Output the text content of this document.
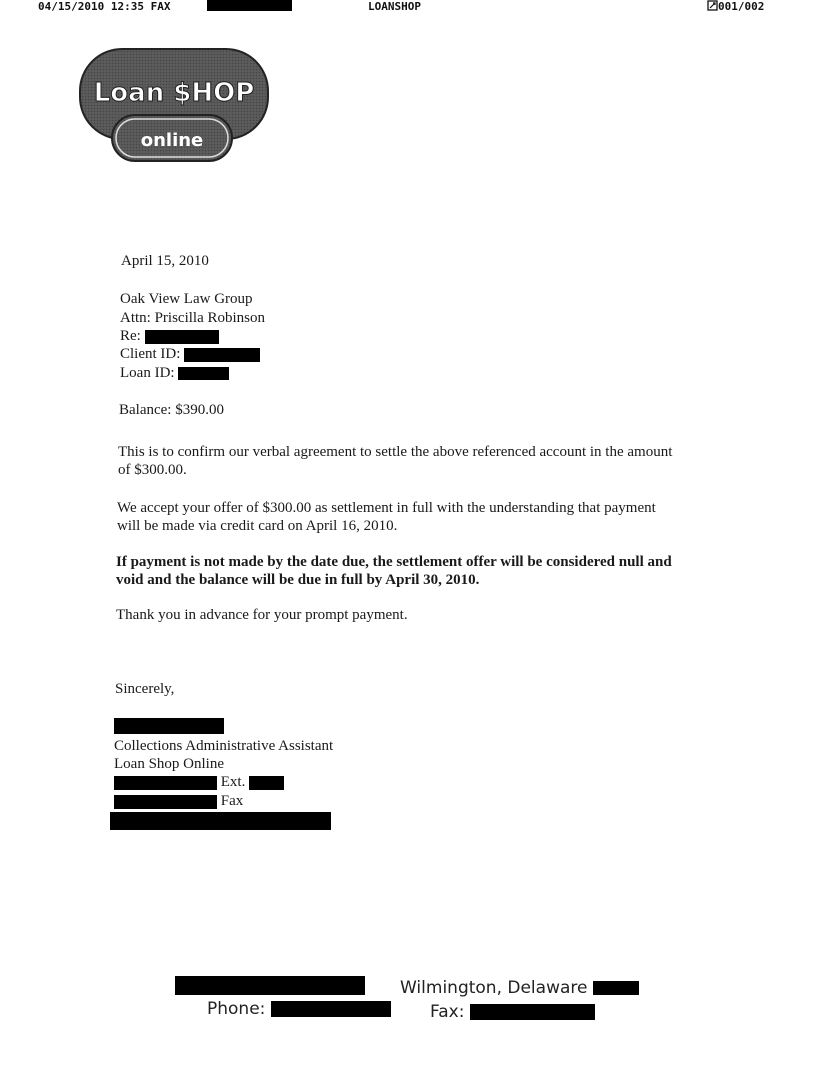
04/15/2010 12:35 FAX	LOANSHOP	001/002
Loan $HOP
online
April 15, 2010
Oak View Law Group
Attn: Priscilla Robinson
Re:
Client ID:
Loan ID:
Balance: $390.00
This is to confirm our verbal agreement to settle the above referenced account in the amount of $300.00.
We accept your offer of $300.00 as settlement in full with the understanding that payment will be made via credit card on April 16, 2010.
If payment is not made by the date due, the settlement offer will be considered null and void and the balance will be due in full by April 30, 2010.
Thank you in advance for your prompt payment.
Sincerely,
Collections Administrative Assistant
Loan Shop Online
Ext.
Fax
Wilmington, Delaware
Phone:	Fax:
